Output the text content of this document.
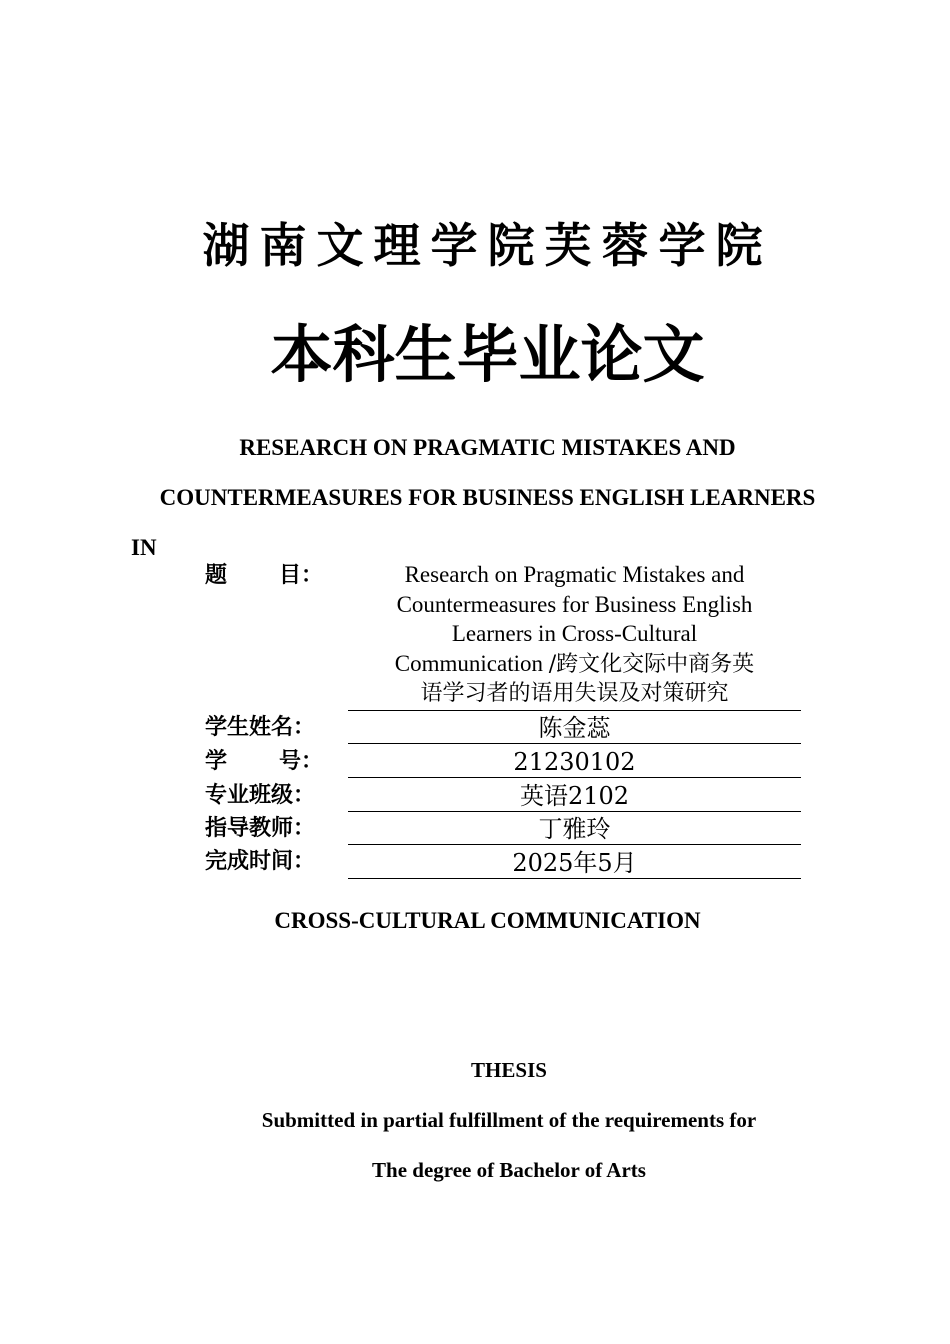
湖南文理学院芙蓉学院
本科生毕业论文
RESEARCH ON PRAGMATIC MISTAKES AND
COUNTERMEASURES FOR BUSINESS ENGLISH LEARNERS
IN
题 目：	Research on Pragmatic Mistakes and
Countermeasures for Business English
Learners in Cross-Cultural
Communication /跨文化交际中商务英
语学习者的语用失误及对策研究
学生姓名：	陈金蕊
学 号：	21230102
专业班级：	英语2102
指导教师：	丁雅玲
完成时间：	2025年5月
CROSS-CULTURAL COMMUNICATION
THESIS
Submitted in partial fulfillment of the requirements for
The degree of Bachelor of Arts
